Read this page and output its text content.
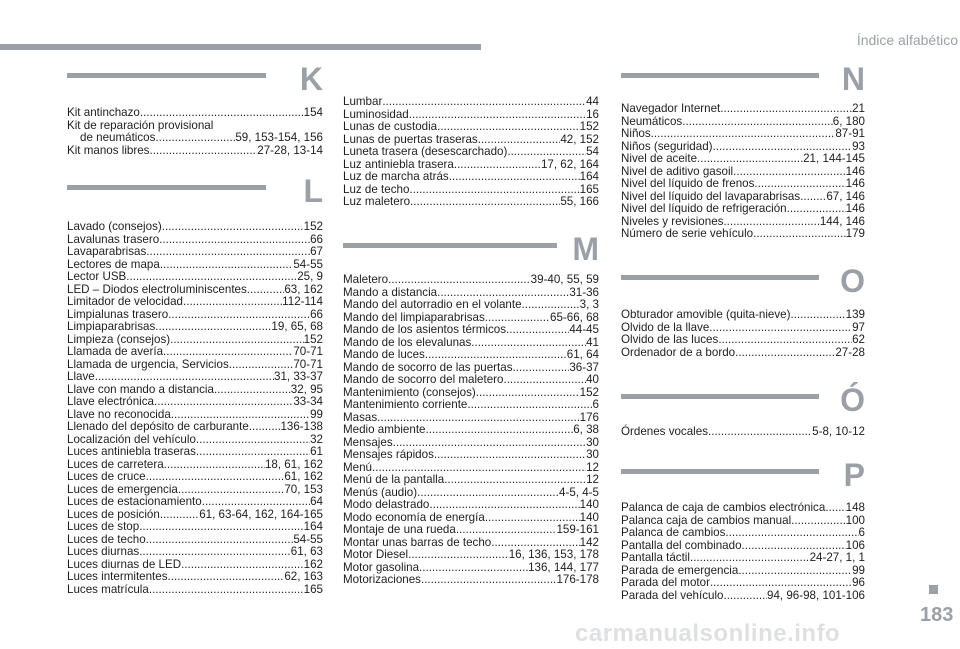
Índice alfabético
K
Kit antinchazo .....	154
Kit de reparación provisional
de neumáticos .....	59, 153-154, 156
Kit manos libres .....	27-28, 13-14
L
Lavado (consejos) .....	152
Lavalunas trasero .....	66
Lavaparabrisas .....	67
Lectores de mapa .....	54-55
Lector USB .....	25, 9
LED – Diodos electroluminiscentes .....	63, 162
Limitador de velocidad .....	112-114
Limpialunas trasero .....	66
Limpiaparabrisas .....	19, 65, 68
Limpieza (consejos) .....	152
Llamada de avería .....	70-71
Llamada de urgencia, Servicios .....	70-71
Llave .....	31, 33-37
Llave con mando a distancia .....	32, 95
Llave electrónica .....	33-34
Llave no reconocida .....	99
Llenado del depósito de carburante .....	136-138
Localización del vehículo .....	32
Luces antiniebla traseras .....	61
Luces de carretera .....	18, 61, 162
Luces de cruce .....	61, 162
Luces de emergencia .....	70, 153
Luces de estacionamiento .....	64
Luces de posición .....	61, 63-64, 162, 164-165
Luces de stop .....	164
Luces de techo .....	54-55
Luces diurnas .....	61, 63
Luces diurnas de LED .....	162
Luces intermitentes .....	62, 163
Luces matrícula .....	165
Lumbar .....	44
Luminosidad .....	16
Lunas de custodia .....	152
Lunas de puertas traseras .....	42, 152
Luneta trasera (desescarchado) .....	54
Luz antiniebla trasera .....	17, 62, 164
Luz de marcha atrás .....	164
Luz de techo .....	165
Luz maletero .....	55, 166
M
Maletero .....	39-40, 55, 59
Mando a distancia .....	31-36
Mando del autorradio en el volante .....	3, 3
Mando del limpiaparabrisas .....	65-66, 68
Mando de los asientos térmicos .....	44-45
Mando de los elevalunas .....	41
Mando de luces .....	61, 64
Mando de socorro de las puertas .....	36-37
Mando de socorro del maletero .....	40
Mantenimiento (consejos) .....	152
Mantenimiento corriente .....	6
Masas .....	176
Medio ambiente .....	6, 38
Mensajes .....	30
Mensajes rápidos .....	30
Menú .....	12
Menú de la pantalla .....	12
Menús (audio) .....	4-5, 4-5
Modo delastrado .....	140
Modo economía de energía .....	140
Montaje de una rueda .....	159-161
Montar unas barras de techo .....	142
Motor Diesel .....	16, 136, 153, 178
Motor gasolina .....	136, 144, 177
Motorizaciones .....	176-178
N
Navegador Internet .....	21
Neumáticos .....	6, 180
Niños .....	87-91
Niños (seguridad) .....	93
Nivel de aceite .....	21, 144-145
Nivel de aditivo gasoil .....	146
Nivel del líquido de frenos .....	146
Nivel del líquido del lavaparabrisas ..... 67, 146
Nivel del líquido de refrigeración .....	146
Niveles y revisiones .....	144, 146
Número de serie vehículo .....	179
O
Obturador amovible (quita-nieve) .....	139
Olvido de la llave .....	97
Olvido de las luces .....	62
Ordenador de a bordo .....	27-28
Ó
Órdenes vocales .....	5-8, 10-12
P
Palanca de caja de cambios electrónica ..... 148
Palanca caja de cambios manual .....	100
Palanca de cambios .....	6
Pantalla del combinado .....	106
Pantalla táctil .....	24-27, 1, 1
Parada de emergencia .....	99
Parada del motor .....	96
Parada del vehículo .....	94, 96-98, 101-106
183
carmanualsonline.info
